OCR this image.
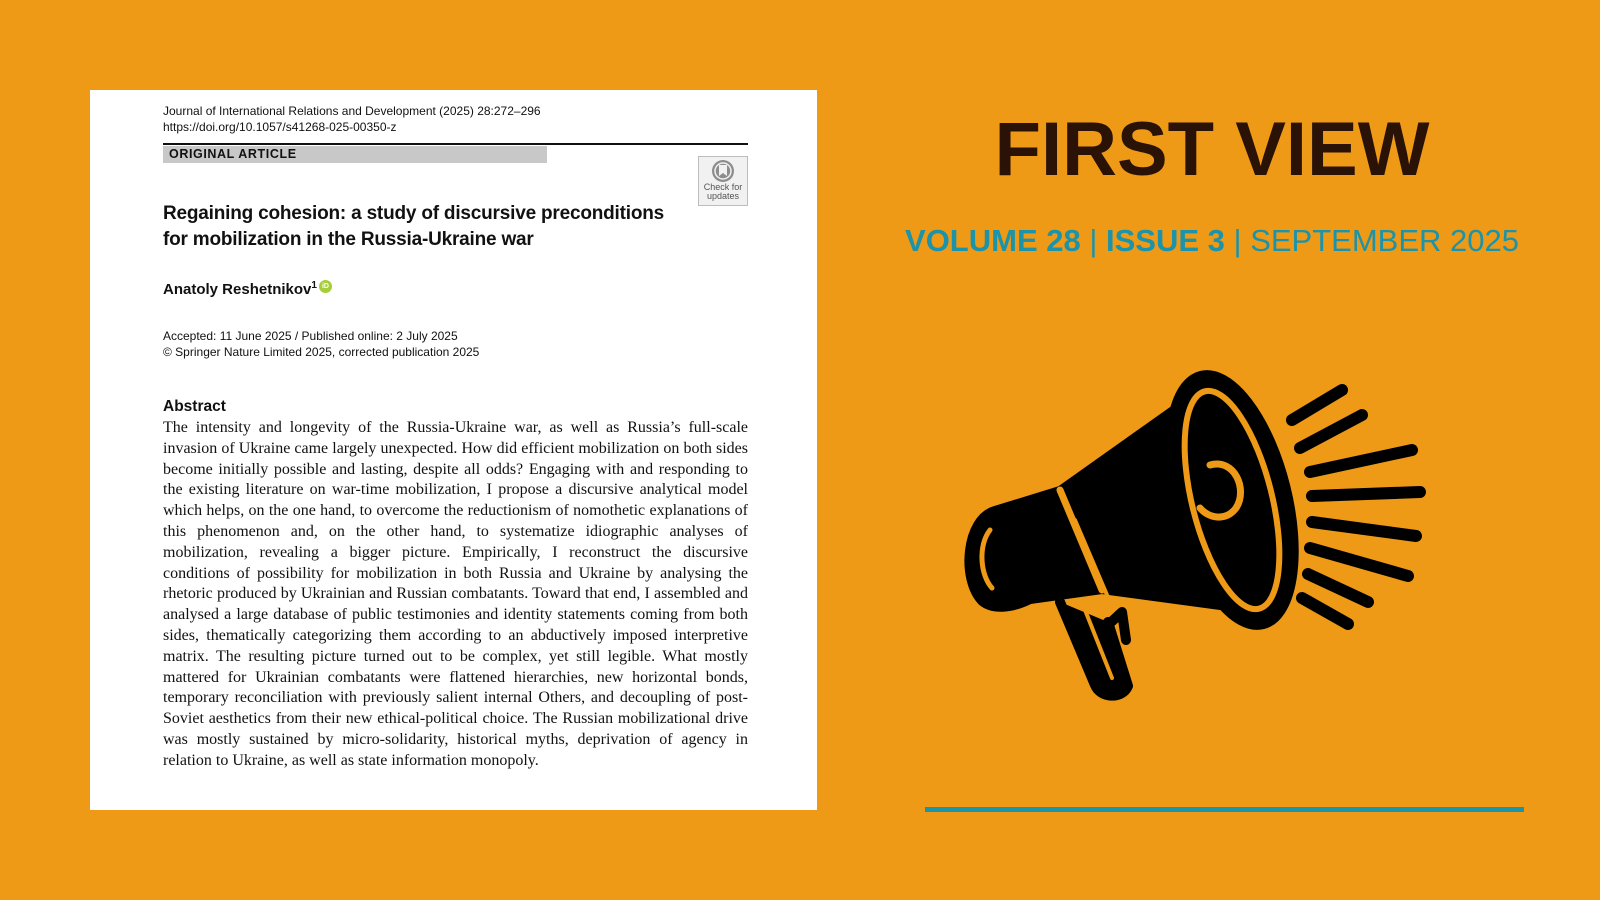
Journal of International Relations and Development (2025) 28:272–296

https://doi.org/10.1057/s41268-025-00350-z

ORIGINAL ARTICLE
Check for
updates
Regaining cohesion: a study of discursive preconditions
for mobilization in the Russia-Ukraine war
Anatoly Reshetnikov$^1$iD
Accepted: 11 June 2025 / Published online: 2 July 2025
© Springer Nature Limited 2025, corrected publication 2025
Abstract

The intensity and longevity of the Russia-Ukraine war, as well as Russia’s full-scale invasion of Ukraine came largely unexpected. How did efficient mobilization on both sides become initially possible and lasting, despite all odds? Engaging with and responding to the existing literature on war-time mobilization, I propose a discursive analytical model which helps, on the one hand, to overcome the reductionism of nomothetic explanations of this phenomenon and, on the other hand, to systematize idiographic analyses of mobilization, revealing a bigger picture. Empirically, I reconstruct the discursive conditions of possibility for mobilization in both Russia and Ukraine by analysing the rhetoric produced by Ukrainian and Russian combatants. Toward that end, I assembled and analysed a large database of public testimonies and identity statements coming from both sides, thematically categorizing them according to an abductively imposed interpretive matrix. The resulting picture turned out to be complex, yet still legible. What mostly mattered for Ukrainian combatants were flattened hierarchies, new horizontal bonds, temporary reconciliation with previously salient internal Others, and decoupling of post-Soviet aesthetics from their new ethical-political choice. The Russian mobilizational drive was mostly sustained by micro-solidarity, historical myths, deprivation of agency in relation to Ukraine, as well as state information monopoly.

FIRST VIEW
VOLUME 28 | ISSUE 3 | SEPTEMBER 2025
